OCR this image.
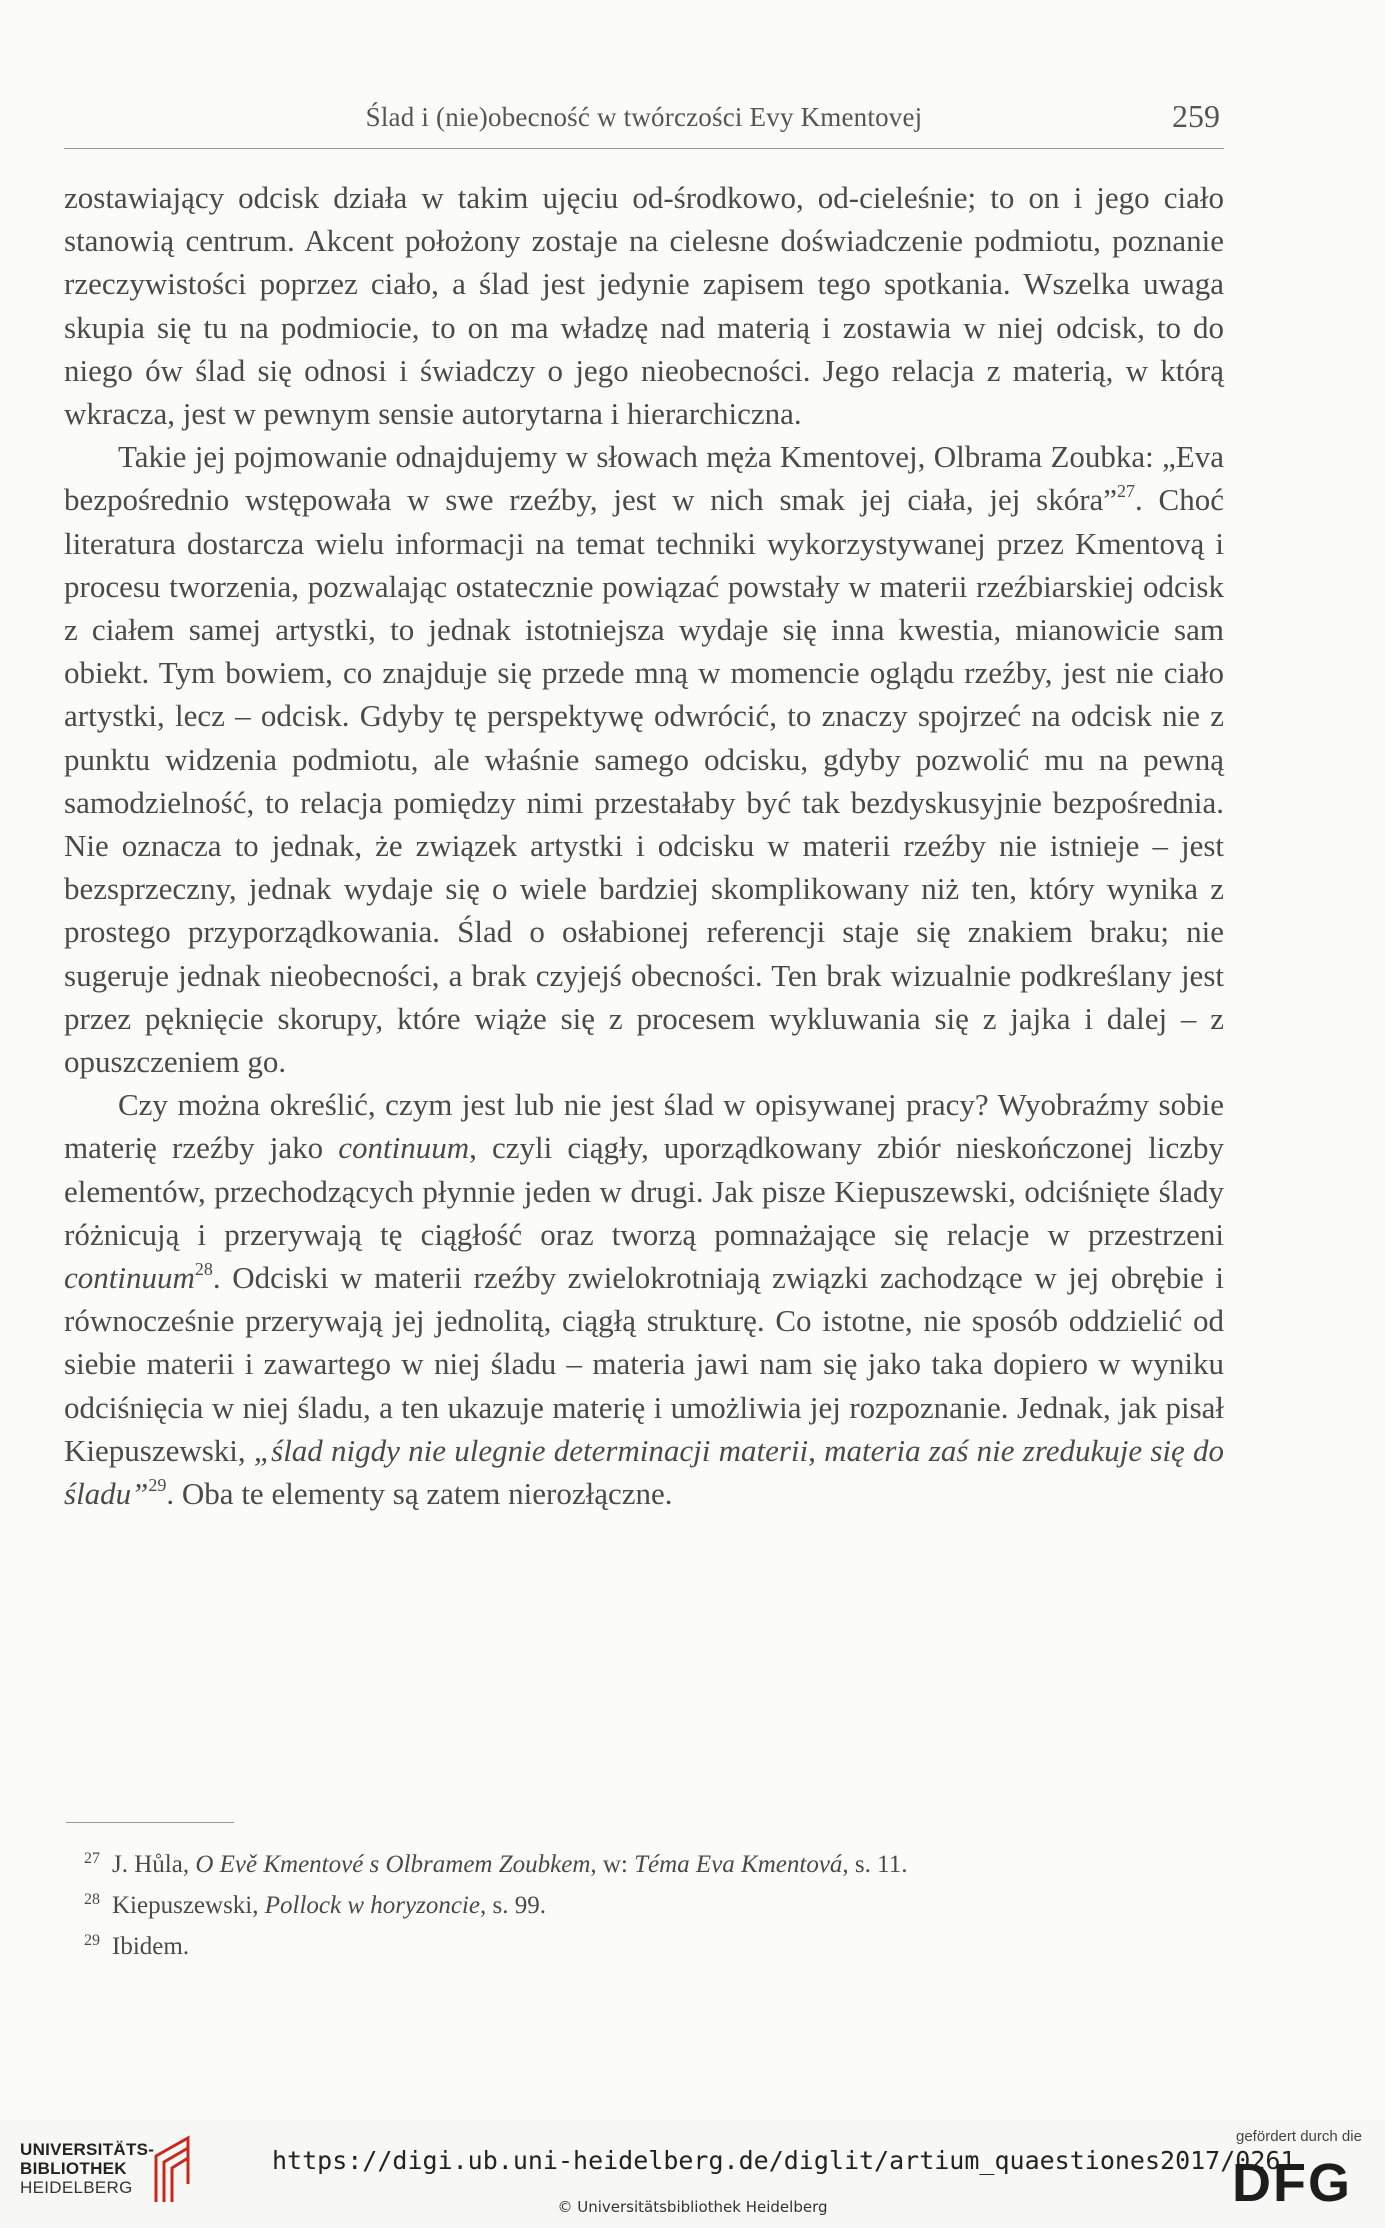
Ślad i (nie)obecność w twórczości Evy Kmentovej	259

zostawiający odcisk działa w takim ujęciu od-środkowo, od-cieleśnie; to on i jego ciało stanowią centrum. Akcent położony zostaje na cielesne doświadczenie podmiotu, poznanie rzeczywistości poprzez ciało, a ślad jest jedynie zapisem tego spotkania. Wszelka uwaga skupia się tu na podmiocie, to on ma władzę nad materią i zostawia w niej odcisk, to do niego ów ślad się odnosi i świadczy o jego nieobecności. Jego relacja z materią, w którą wkracza, jest w pewnym sensie autorytarna i hierarchiczna.

Takie jej pojmowanie odnajdujemy w słowach męża Kmentovej, Olbrama Zoubka: „Eva bezpośrednio wstępowała w swe rzeźby, jest w nich smak jej ciała, jej skóra”$^{27}$. Choć literatura dostarcza wielu informacji na temat techniki wykorzystywanej przez Kmentovą i procesu tworzenia, pozwalając ostatecznie powiązać powstały w materii rzeźbiarskiej odcisk z ciałem samej artystki, to jednak istotniejsza wydaje się inna kwestia, mianowicie sam obiekt. Tym bowiem, co znajduje się przede mną w momencie oglądu rzeźby, jest nie ciało artystki, lecz – odcisk. Gdyby tę perspektywę odwrócić, to znaczy spojrzeć na odcisk nie z punktu widzenia podmiotu, ale właśnie samego odcisku, gdyby pozwolić mu na pewną samodzielność, to relacja pomiędzy nimi przestałaby być tak bezdyskusyjnie bezpośrednia. Nie oznacza to jednak, że związek artystki i odcisku w materii rzeźby nie istnieje – jest bezsprzeczny, jednak wydaje się o wiele bardziej skomplikowany niż ten, który wynika z prostego przyporządkowania. Ślad o osłabionej referencji staje się znakiem braku; nie sugeruje jednak nieobecności, a brak czyjejś obecności. Ten brak wizualnie podkreślany jest przez pęknięcie skorupy, które wiąże się z procesem wykluwania się z jajka i dalej – z opuszczeniem go.

Czy można określić, czym jest lub nie jest ślad w opisywanej pracy? Wyobraźmy sobie materię rzeźby jako continuum, czyli ciągły, uporządkowany zbiór nieskończonej liczby elementów, przechodzących płynnie jeden w drugi. Jak pisze Kiepuszewski, odciśnięte ślady różnicują i przerywają tę ciągłość oraz tworzą pomnażające się relacje w przestrzeni continuum$^{28}$. Odciski w materii rzeźby zwielokrotniają związki zachodzące w jej obrębie i równocześnie przerywają jej jednolitą, ciągłą strukturę. Co istotne, nie sposób oddzielić od siebie materii i zawartego w niej śladu – materia jawi nam się jako taka dopiero w wyniku odciśnięcia w niej śladu, a ten ukazuje materię i umożliwia jej rozpoznanie. Jednak, jak pisał Kiepuszewski, „ślad nigdy nie ulegnie determinacji materii, materia zaś nie zredukuje się do śladu”$^{29}$. Oba te elementy są zatem nierozłączne.

27 J. Hůla, O Evě Kmentové s Olbramem Zoubkem, w: Téma Eva Kmentová, s. 11.
28 Kiepuszewski, Pollock w horyzoncie, s. 99.
29 Ibidem.
UNIVERSITÄTS-
BIBLIOTHEK
HEIDELBERG
https://digi.ub.uni-heidelberg.de/diglit/artium_quaestiones2017/0261
© Universitätsbibliothek Heidelberg
gefördert durch die
DFG
